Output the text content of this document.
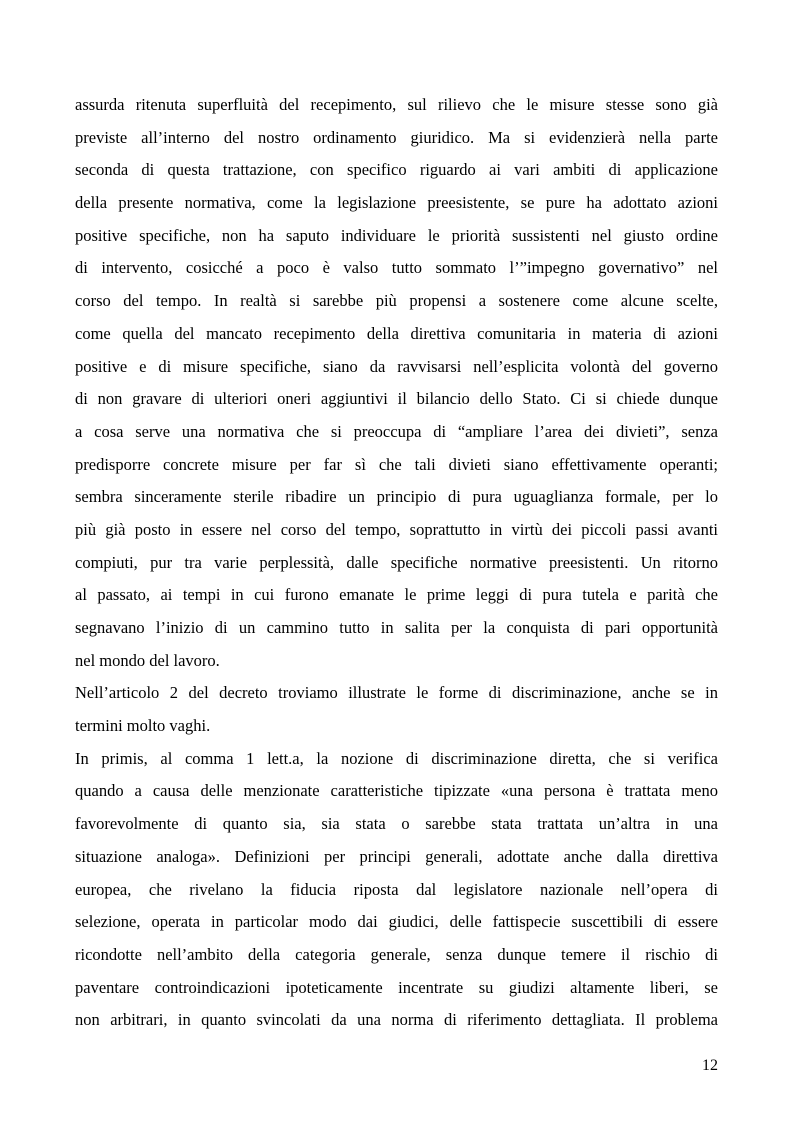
assurda ritenuta superfluità del recepimento, sul rilievo che le misure stesse sono già
previste all’interno del nostro ordinamento giuridico. Ma si evidenzierà nella parte
seconda di questa trattazione, con specifico riguardo ai vari ambiti di applicazione
della presente normativa, come la legislazione preesistente, se pure ha adottato azioni
positive specifiche, non ha saputo individuare le priorità sussistenti nel giusto ordine
di intervento, cosicché a poco è valso tutto sommato l’”impegno governativo” nel
corso del tempo. In realtà si sarebbe più propensi a sostenere come alcune scelte,
come quella del mancato recepimento della direttiva comunitaria in materia di azioni
positive e di misure specifiche, siano da ravvisarsi nell’esplicita volontà del governo
di non gravare di ulteriori oneri aggiuntivi il bilancio dello Stato. Ci si chiede dunque
a cosa serve una normativa che si preoccupa di “ampliare l’area dei divieti”, senza
predisporre concrete misure per far sì che tali divieti siano effettivamente operanti;
sembra sinceramente sterile ribadire un principio di pura uguaglianza formale, per lo
più già posto in essere nel corso del tempo, soprattutto in virtù dei piccoli passi avanti
compiuti, pur tra varie perplessità, dalle specifiche normative preesistenti. Un ritorno
al passato, ai tempi in cui furono emanate le prime leggi di pura tutela e parità che
segnavano l’inizio di un cammino tutto in salita per la conquista di pari opportunità
nel mondo del lavoro.
Nell’articolo 2 del decreto troviamo illustrate le forme di discriminazione, anche se in
termini molto vaghi.
In primis, al comma 1 lett.a, la nozione di discriminazione diretta, che si verifica
quando a causa delle menzionate caratteristiche tipizzate «una persona è trattata meno
favorevolmente di quanto sia, sia stata o sarebbe stata trattata un’altra in una
situazione analoga». Definizioni per principi generali, adottate anche dalla direttiva
europea, che rivelano la fiducia riposta dal legislatore nazionale nell’opera di
selezione, operata in particolar modo dai giudici, delle fattispecie suscettibili di essere
ricondotte nell’ambito della categoria generale, senza dunque temere il rischio di
paventare controindicazioni ipoteticamente incentrate su giudizi altamente liberi, se
non arbitrari, in quanto svincolati da una norma di riferimento dettagliata. Il problema
12
